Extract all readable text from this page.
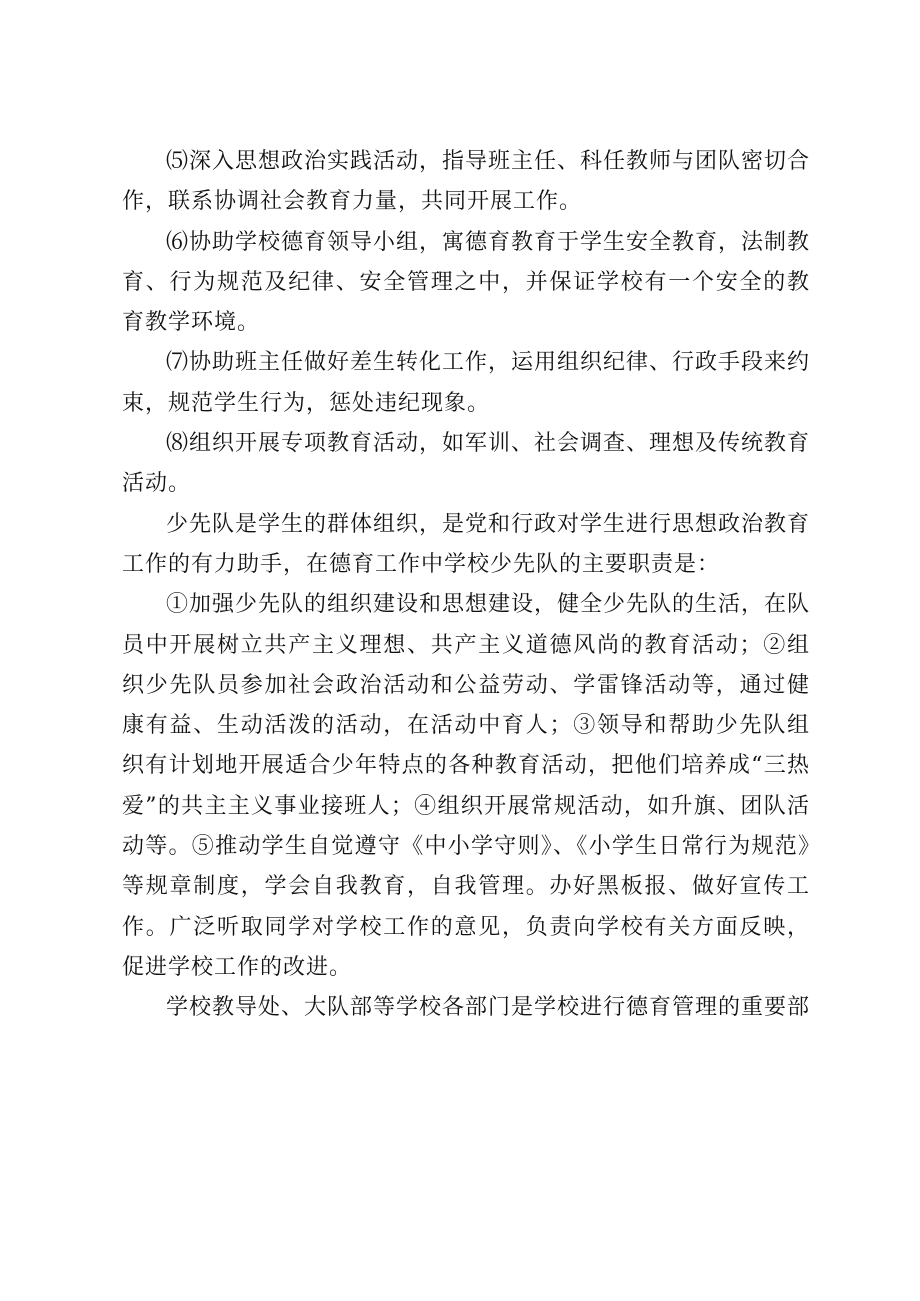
⑸深入思想政治实践活动，指导班主任、科任教师与团队密切合作，联系协调社会教育力量，共同开展工作。

⑹协助学校德育领导小组，寓德育教育于学生安全教育，法制教育、行为规范及纪律、安全管理之中，并保证学校有一个安全的教育教学环境。

⑺协助班主任做好差生转化工作，运用组织纪律、行政手段来约束，规范学生行为，惩处违纪现象。

⑻组织开展专项教育活动，如军训、社会调查、理想及传统教育活动。

少先队是学生的群体组织，是党和行政对学生进行思想政治教育工作的有力助手，在德育工作中学校少先队的主要职责是：

①加强少先队的组织建设和思想建设，健全少先队的生活，在队员中开展树立共产主义理想、共产主义道德风尚的教育活动；②组织少先队员参加社会政治活动和公益劳动、学雷锋活动等，通过健康有益、生动活泼的活动，在活动中育人；③领导和帮助少先队组织有计划地开展适合少年特点的各种教育活动，把他们培养成“三热爱”的共主主义事业接班人；④组织开展常规活动，如升旗、团队活动等。⑤推动学生自觉遵守《中小学守则》、《小学生日常行为规范》等规章制度，学会自我教育，自我管理。办好黑板报、做好宣传工作。广泛听取同学对学校工作的意见，负责向学校有关方面反映，促进学校工作的改进。

学校教导处、大队部等学校各部门是学校进行德育管理的重要部
